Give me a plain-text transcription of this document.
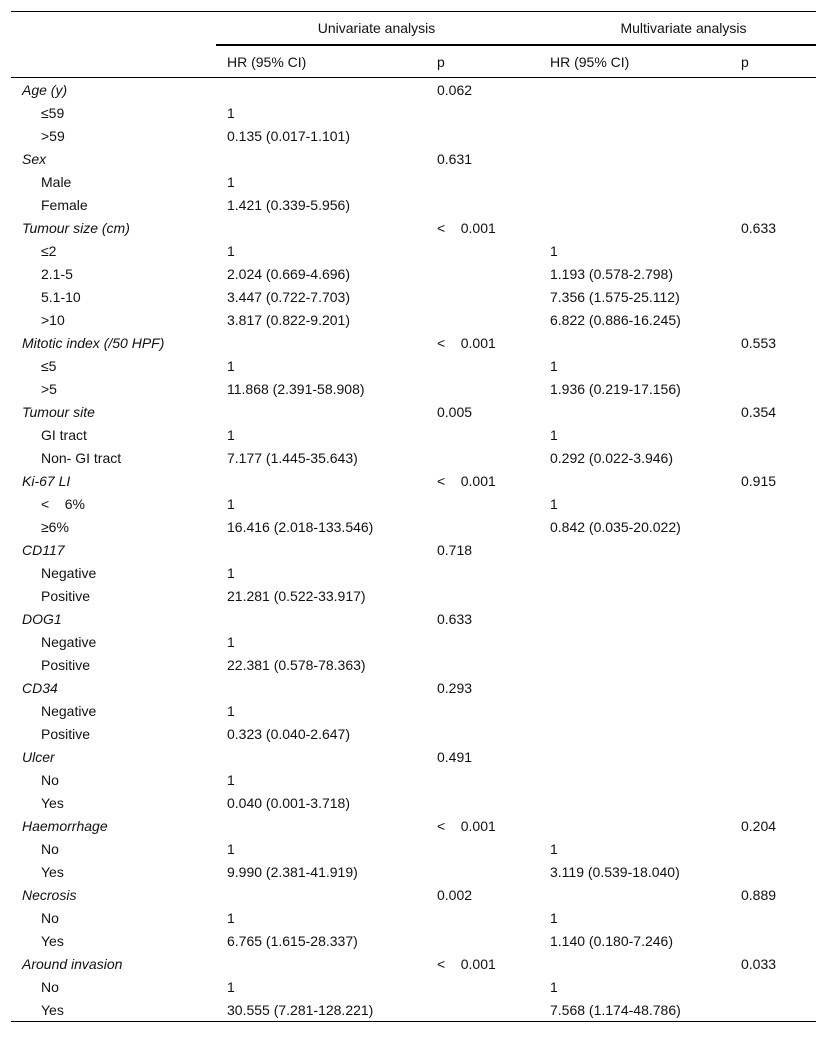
	Univariate analysis		Multivariate analysis	
	HR (95% CI)	p	HR (95% CI)	p
Age (y)		0.062		
≤59	1			
>59	0.135 (0.017-1.101)			
Sex		0.631		
Male	1			
Female	1.421 (0.339-5.956)			
Tumour size (cm)		<    0.001		0.633
≤2	1		1	
2.1-5	2.024 (0.669-4.696)		1.193 (0.578-2.798)	
5.1-10	3.447 (0.722-7.703)		7.356 (1.575-25.112)	
>10	3.817 (0.822-9.201)		6.822 (0.886-16.245)	
Mitotic index (/50 HPF)		<    0.001		0.553
≤5	1		1	
>5	11.868 (2.391-58.908)		1.936 (0.219-17.156)	
Tumour site		0.005		0.354
GI tract	1		1	
Non- GI tract	7.177 (1.445-35.643)		0.292 (0.022-3.946)	
Ki-67 LI		<    0.001		0.915
<    6%	1		1	
≥6%	16.416 (2.018-133.546)		0.842 (0.035-20.022)	
CD117		0.718		
Negative	1			
Positive	21.281 (0.522-33.917)			
DOG1		0.633		
Negative	1			
Positive	22.381 (0.578-78.363)			
CD34		0.293		
Negative	1			
Positive	0.323 (0.040-2.647)			
Ulcer		0.491		
No	1			
Yes	0.040 (0.001-3.718)			
Haemorrhage		<    0.001		0.204
No	1		1	
Yes	9.990 (2.381-41.919)		3.119 (0.539-18.040)	
Necrosis		0.002		0.889
No	1		1	
Yes	6.765 (1.615-28.337)		1.140 (0.180-7.246)	
Around invasion		<    0.001		0.033
No	1		1	
Yes	30.555 (7.281-128.221)		7.568 (1.174-48.786)	
